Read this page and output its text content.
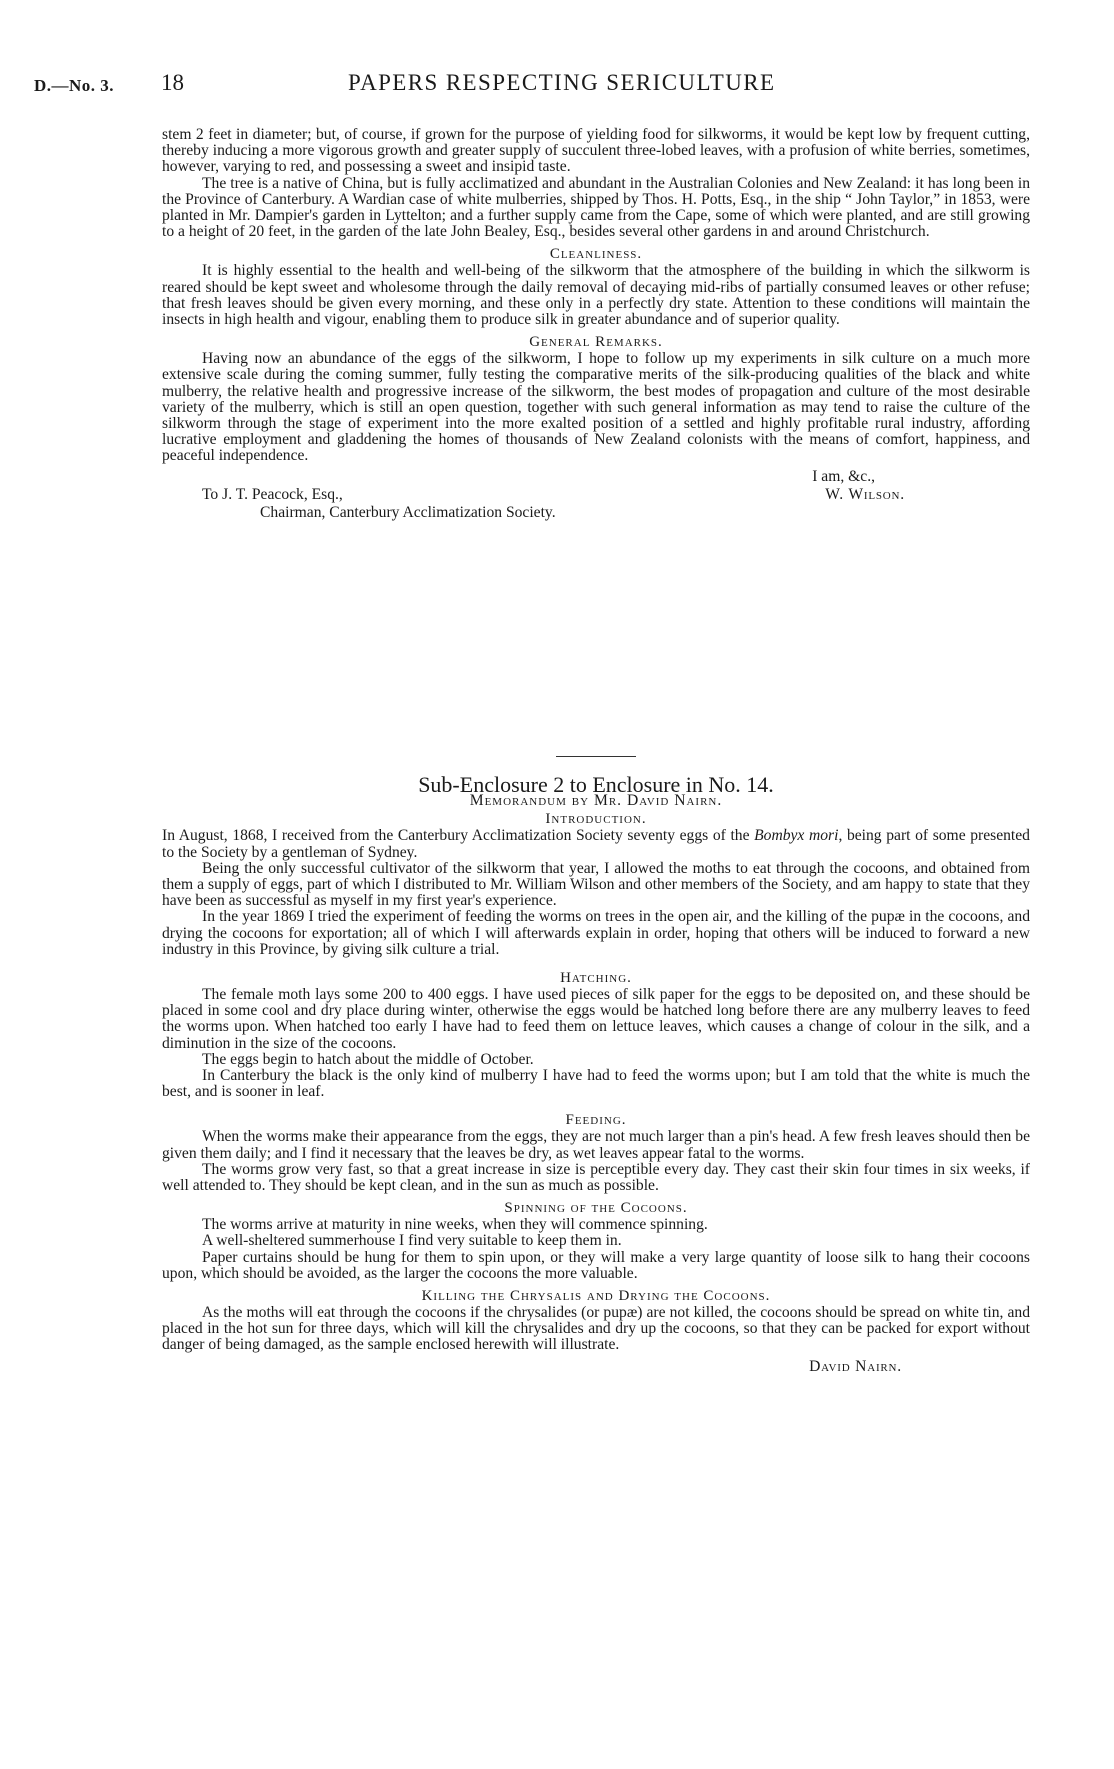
D.—No. 3. 18	PAPERS RESPECTING SERICULTURE

stem 2 feet in diameter; but, of course, if grown for the purpose of yielding food for silkworms, it would be kept low by frequent cutting, thereby inducing a more vigorous growth and greater supply of succulent three-lobed leaves, with a profusion of white berries, sometimes, however, varying to red, and possessing a sweet and insipid taste.

The tree is a native of China, but is fully acclimatized and abundant in the Australian Colonies and New Zealand: it has long been in the Province of Canterbury. A Wardian case of white mulberries, shipped by Thos. H. Potts, Esq., in the ship “ John Taylor,” in 1853, were planted in Mr. Dampier's garden in Lyttelton; and a further supply came from the Cape, some of which were planted, and are still growing to a height of 20 feet, in the garden of the late John Bealey, Esq., besides several other gardens in and around Christchurch.

Cleanliness.

It is highly essential to the health and well-being of the silkworm that the atmosphere of the building in which the silkworm is reared should be kept sweet and wholesome through the daily removal of decaying mid-ribs of partially consumed leaves or other refuse; that fresh leaves should be given every morning, and these only in a perfectly dry state. Attention to these conditions will maintain the insects in high health and vigour, enabling them to produce silk in greater abundance and of superior quality.

General Remarks.

Having now an abundance of the eggs of the silkworm, I hope to follow up my experiments in silk culture on a much more extensive scale during the coming summer, fully testing the comparative merits of the silk-producing qualities of the black and white mulberry, the relative health and progressive increase of the silkworm, the best modes of propagation and culture of the most desirable variety of the mulberry, which is still an open question, together with such general information as may tend to raise the culture of the silkworm through the stage of experiment into the more exalted position of a settled and highly profitable rural industry, affording lucrative employment and gladdening the homes of thousands of New Zealand colonists with the means of comfort, happiness, and peaceful independence.

I am, &c.,
W. Wilson.
To J. T. Peacock, Esq.,
Chairman, Canterbury Acclimatization Society.

Sub-Enclosure 2 to Enclosure in No. 14.

Memorandum by Mr. David Nairn.

Introduction.

In August, 1868, I received from the Canterbury Acclimatization Society seventy eggs of the Bombyx mori, being part of some presented to the Society by a gentleman of Sydney.

Being the only successful cultivator of the silkworm that year, I allowed the moths to eat through the cocoons, and obtained from them a supply of eggs, part of which I distributed to Mr. William Wilson and other members of the Society, and am happy to state that they have been as successful as myself in my first year's experience.

In the year 1869 I tried the experiment of feeding the worms on trees in the open air, and the killing of the pupæ in the cocoons, and drying the cocoons for exportation; all of which I will afterwards explain in order, hoping that others will be induced to forward a new industry in this Province, by giving silk culture a trial.

Hatching.

The female moth lays some 200 to 400 eggs. I have used pieces of silk paper for the eggs to be deposited on, and these should be placed in some cool and dry place during winter, otherwise the eggs would be hatched long before there are any mulberry leaves to feed the worms upon. When hatched too early I have had to feed them on lettuce leaves, which causes a change of colour in the silk, and a diminution in the size of the cocoons.

The eggs begin to hatch about the middle of October.

In Canterbury the black is the only kind of mulberry I have had to feed the worms upon; but I am told that the white is much the best, and is sooner in leaf.

Feeding.

When the worms make their appearance from the eggs, they are not much larger than a pin's head. A few fresh leaves should then be given them daily; and I find it necessary that the leaves be dry, as wet leaves appear fatal to the worms.

The worms grow very fast, so that a great increase in size is perceptible every day. They cast their skin four times in six weeks, if well attended to. They should be kept clean, and in the sun as much as possible.

Spinning of the Cocoons.

The worms arrive at maturity in nine weeks, when they will commence spinning.

A well-sheltered summerhouse I find very suitable to keep them in.

Paper curtains should be hung for them to spin upon, or they will make a very large quantity of loose silk to hang their cocoons upon, which should be avoided, as the larger the cocoons the more valuable.

Killing the Chrysalis and Drying the Cocoons.

As the moths will eat through the cocoons if the chrysalides (or pupæ) are not killed, the cocoons should be spread on white tin, and placed in the hot sun for three days, which will kill the chrysalides and dry up the cocoons, so that they can be packed for export without danger of being damaged, as the sample enclosed herewith will illustrate.

David Nairn.
